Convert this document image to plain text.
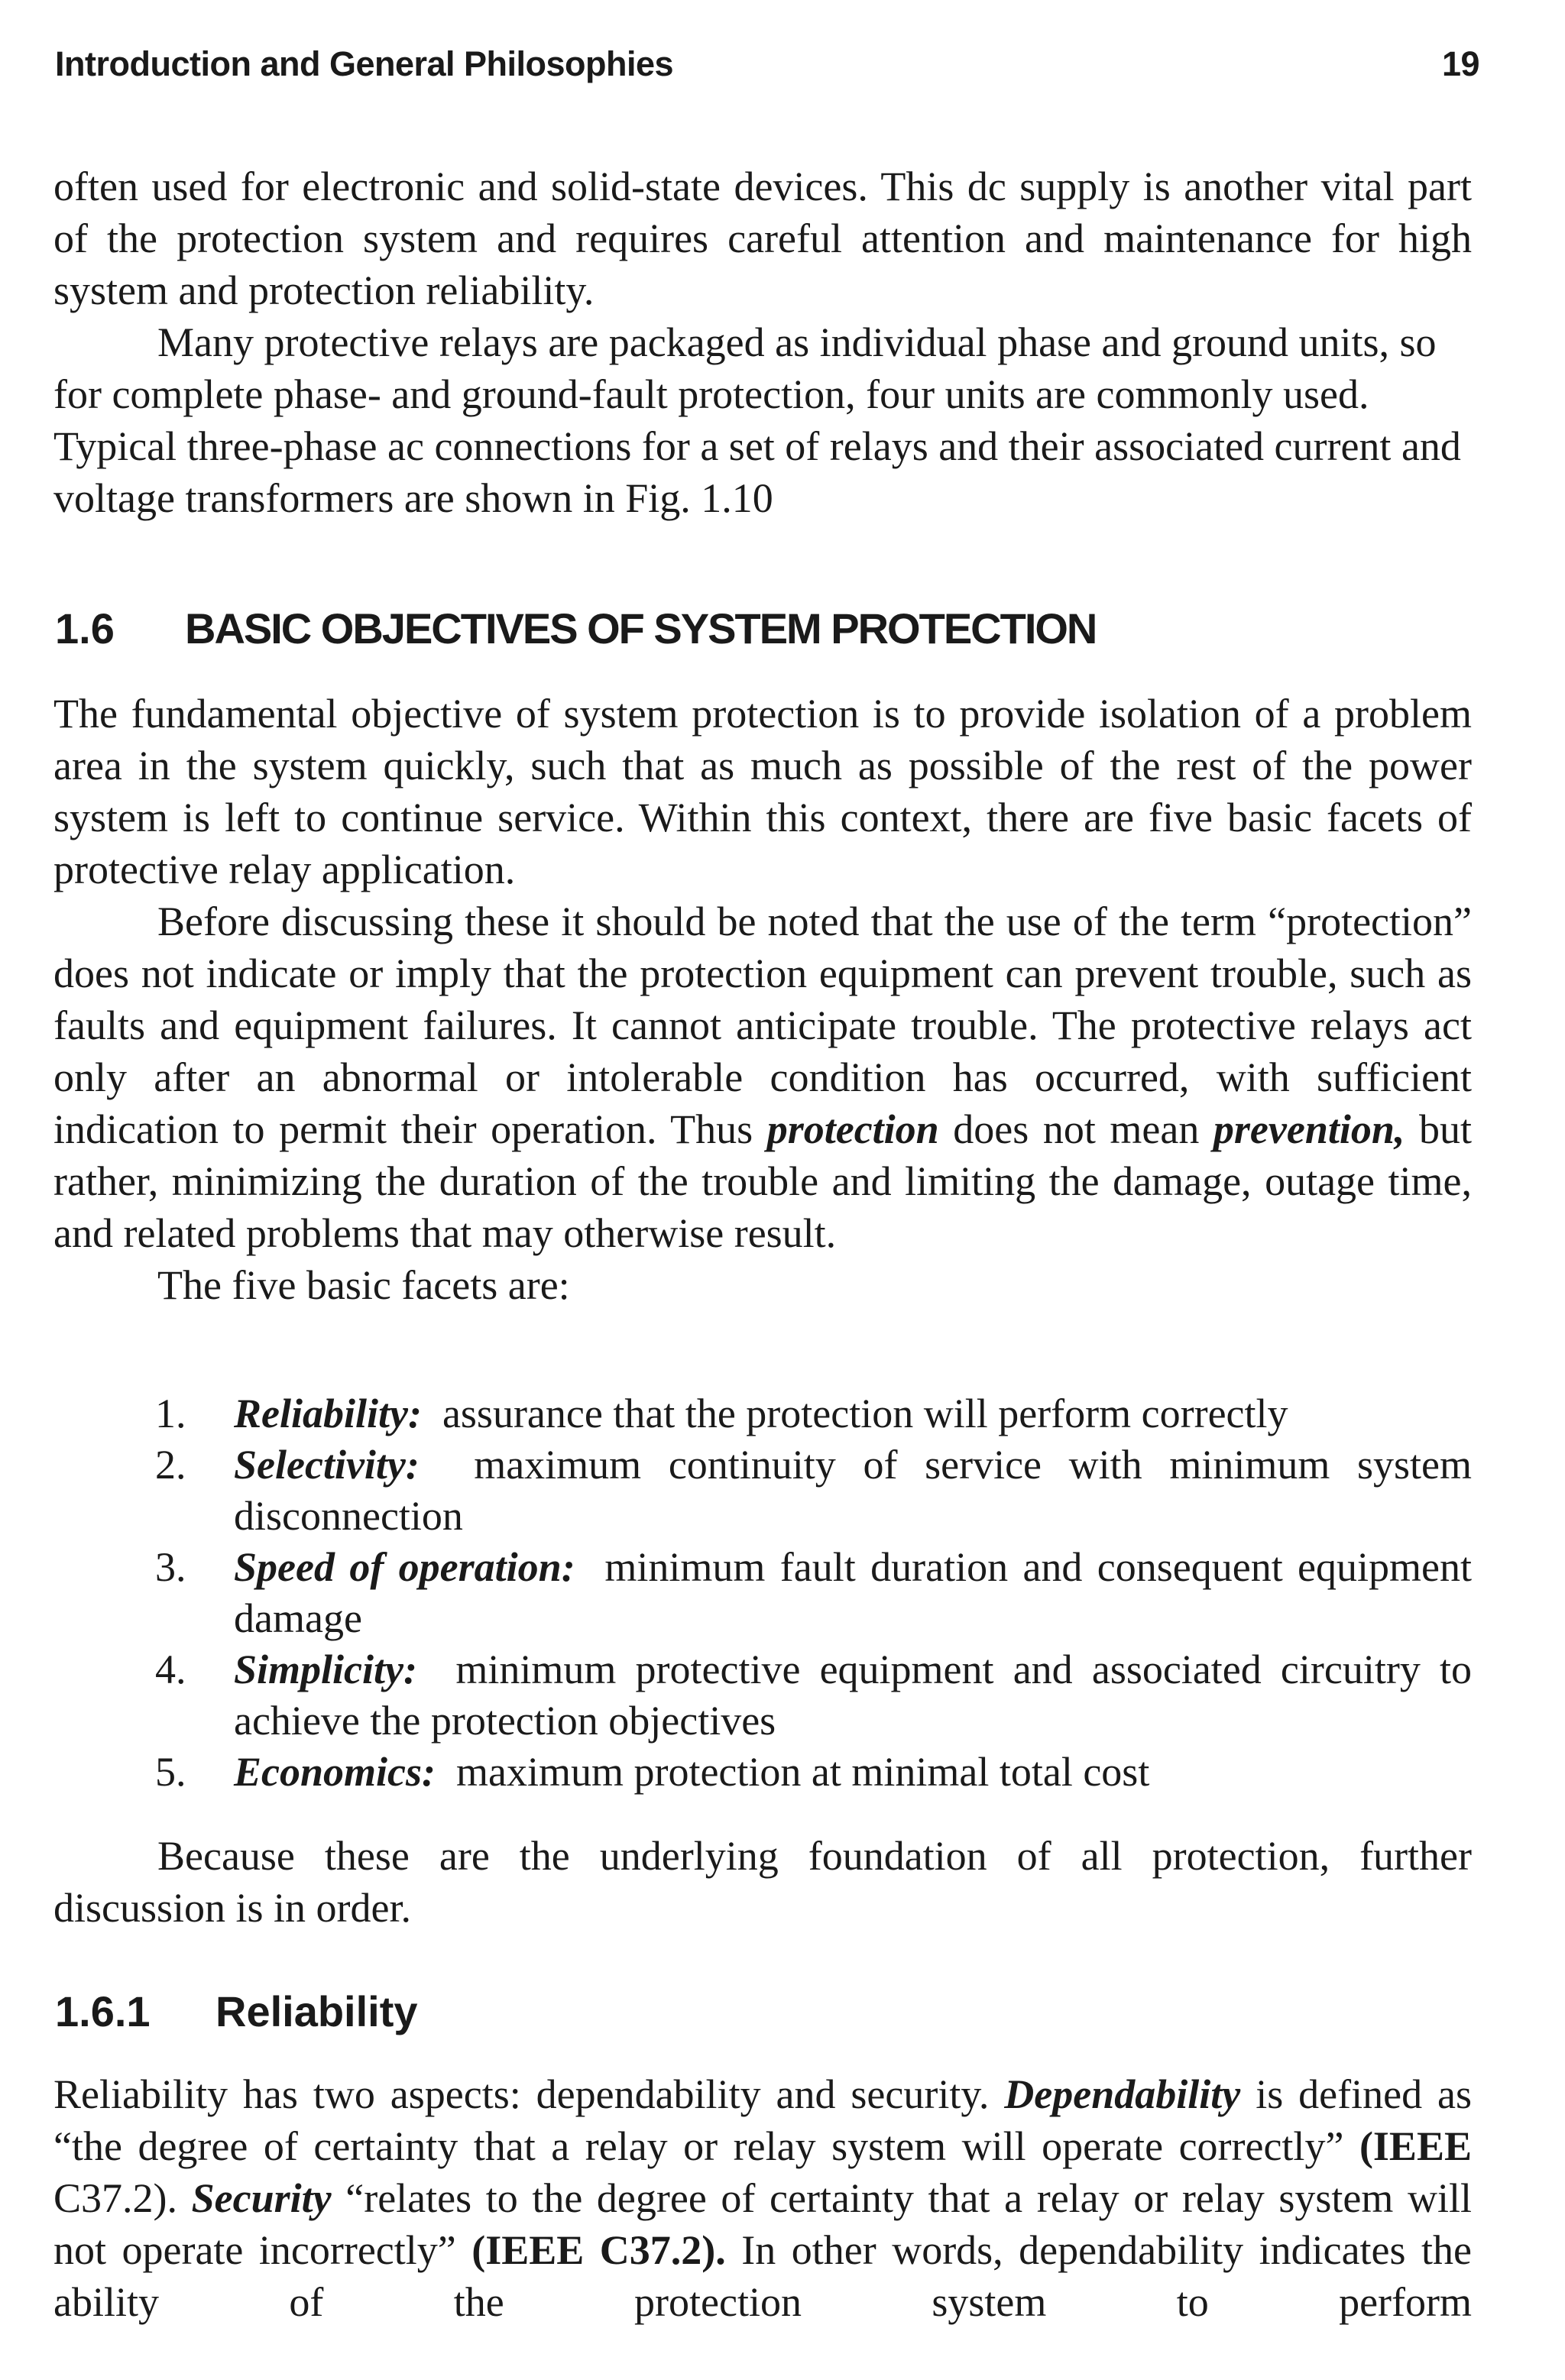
Introduction and General Philosophies	19

often used for electronic and solid-state devices. This dc supply is another vital part of the protection system and requires careful attention and maintenance for high system and protection reliability.

Many protective relays are packaged as individual phase and ground units, so for complete phase- and ground-fault protection, four units are commonly used. Typical three-phase ac connections for a set of relays and their associated current and voltage transformers are shown in Fig. 1.10

1.6 BASIC OBJECTIVES OF SYSTEM PROTECTION

The fundamental objective of system protection is to provide isolation of a problem area in the system quickly, such that as much as possible of the rest of the power system is left to continue service. Within this context, there are five basic facets of protective relay application.

Before discussing these it should be noted that the use of the term “protection” does not indicate or imply that the protection equipment can prevent trouble, such as faults and equipment failures. It cannot anticipate trouble. The protective relays act only after an abnormal or intolerable condition has occurred, with sufficient indication to permit their operation. Thus protection does not mean prevention, but rather, minimizing the duration of the trouble and limiting the damage, outage time, and related problems that may otherwise result.

The five basic facets are:

1. Reliability: assurance that the protection will perform correctly
2. Selectivity: maximum continuity of service with minimum system disconnection
3. Speed of operation: minimum fault duration and consequent equipment damage
4. Simplicity: minimum protective equipment and associated circuitry to achieve the protection objectives
5. Economics: maximum protection at minimal total cost

Because these are the underlying foundation of all protection, further discussion is in order.

1.6.1 Reliability

Reliability has two aspects: dependability and security. Dependability is defined as “the degree of certainty that a relay or relay system will operate correctly” (IEEE C37.2). Security “relates to the degree of certainty that a relay or relay system will not operate incorrectly” (IEEE C37.2). In other words, dependability indicates the ability of the protection system to perform
